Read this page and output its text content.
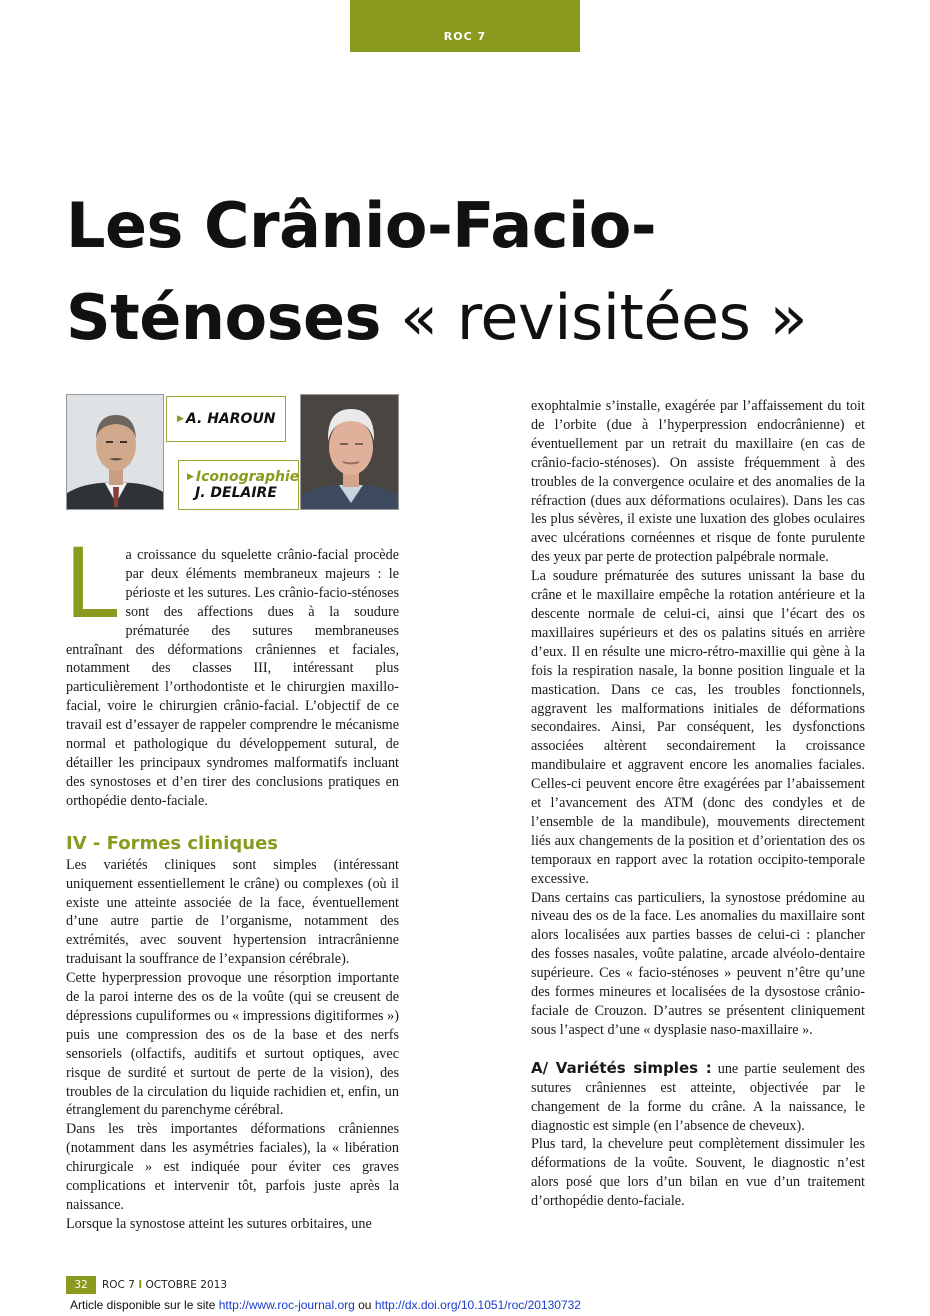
ROC 7
Les Crânio-Facio-
Sténoses « revisitées »
▶ A. HAROUN
▶ Iconographie
J. DELAIRE

La croissance du squelette crânio-facial procède par deux éléments membraneux majeurs : le périoste et les sutures. Les crânio-facio-sténoses sont des affections dues à la soudure prématurée des sutures membraneuses entraînant des déformations crâniennes et faciales, notamment des classes III, intéressant plus particulièrement l’orthodontiste et le chirurgien maxillo-facial, voire le chirurgien crânio-facial. L’objectif de ce travail est d’essayer de rappeler comprendre le mécanisme normal et pathologique du développement sutural, de détailler les principaux syndromes malformatifs incluant des synostoses et d’en tirer des conclusions pratiques en orthopédie dento-faciale.

IV - Formes cliniques

Les variétés cliniques sont simples (intéressant uniquement essentiellement le crâne) ou complexes (où il existe une atteinte associée de la face, éventuellement d’une autre partie de l’organisme, notamment des extrémités, avec souvent hypertension intracrânienne traduisant la souffrance de l’expansion cérébrale).

Cette hyperpression provoque une résorption importante de la paroi interne des os de la voûte (qui se creusent de dépressions cupuliformes ou « impressions digitiformes ») puis une compression des os de la base et des nerfs sensoriels (olfactifs, auditifs et surtout optiques, avec risque de surdité et surtout de perte de la vision), des troubles de la circulation du liquide rachidien et, enfin, un étranglement du parenchyme cérébral.

Dans les très importantes déformations crâniennes (notamment dans les asymétries faciales), la « libération chirurgicale » est indiquée pour éviter ces graves complications et intervenir tôt, parfois juste après la naissance.

Lorsque la synostose atteint les sutures orbitaires, une

exophtalmie s’installe, exagérée par l’affaissement du toit de l’orbite (due à l’hyperpression endocrânienne) et éventuellement par un retrait du maxillaire (en cas de crânio-facio-sténoses). On assiste fréquemment à des troubles de la convergence oculaire et des anomalies de la réfraction (dues aux déformations oculaires). Dans les cas les plus sévères, il existe une luxation des globes oculaires avec ulcérations cornéennes et risque de fonte purulente des yeux par perte de protection palpébrale normale.

La soudure prématurée des sutures unissant la base du crâne et le maxillaire empêche la rotation antérieure et la descente normale de celui-ci, ainsi que l’écart des os maxillaires supérieurs et des os palatins situés en arrière d’eux. Il en résulte une micro-rétro-maxillie qui gène à la fois la respiration nasale, la bonne position linguale et la mastication. Dans ce cas, les troubles fonctionnels, aggravent les malformations initiales de déformations secondaires. Ainsi, Par conséquent, les dysfonctions associées altèrent secondairement la croissance mandibulaire et aggravent encore les anomalies faciales. Celles-ci peuvent encore être exagérées par l’abaissement et l’avancement des ATM (donc des condyles et de l’ensemble de la mandibule), mouvements directement liés aux changements de la position et d’orientation des os temporaux en rapport avec la rotation occipito-temporale excessive.

Dans certains cas particuliers, la synostose prédomine au niveau des os de la face. Les anomalies du maxillaire sont alors localisées aux parties basses de celui-ci : plancher des fosses nasales, voûte palatine, arcade alvéolo-dentaire supérieure. Ces « facio-sténoses » peuvent n’être qu’une des formes mineures et localisées de la dysostose crânio-faciale de Crouzon. D’autres se présentent cliniquement sous l’aspect d’une « dysplasie naso-maxillaire ».

A/ Variétés simples : une partie seulement des sutures crâniennes est atteinte, objectivée par le changement de la forme du crâne. A la naissance, le diagnostic est simple (en l’absence de cheveux).

Plus tard, la chevelure peut complètement dissimuler les déformations de la voûte. Souvent, le diagnostic n’est alors posé que lors d’un bilan en vue d’un traitement d’orthopédie dento-faciale.

32 ROC 7 I OCTOBRE 2013
Article disponible sur le site http://www.roc-journal.org ou http://dx.doi.org/10.1051/roc/20130732
